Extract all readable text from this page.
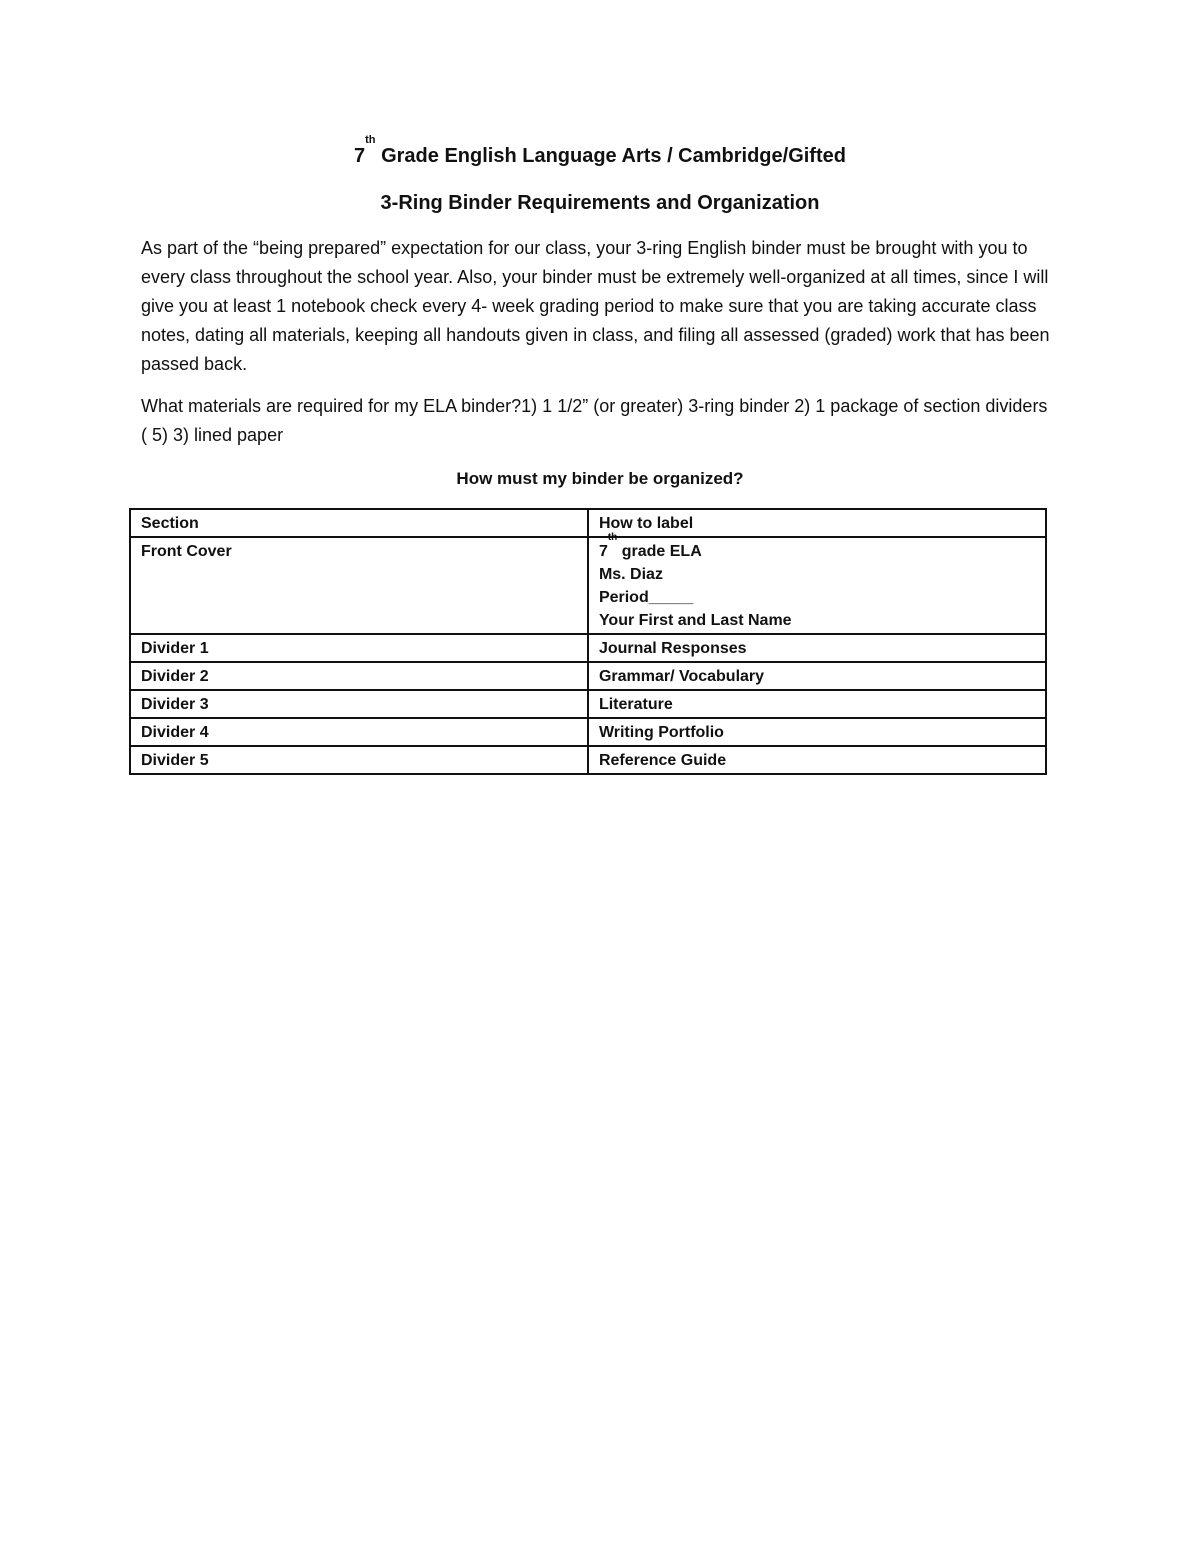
7th Grade English Language Arts / Cambridge/Gifted
3-Ring Binder Requirements and Organization
As part of the “being prepared” expectation for our class, your 3-ring English binder must be brought with you to every class throughout the school year. Also, your binder must be extremely well-organized at all times, since I will give you at least 1 notebook check every 4- week grading period to make sure that you are taking accurate class notes, dating all materials, keeping all handouts given in class, and filing all assessed (graded) work that has been passed back.
What materials are required for my ELA binder?1) 1 1/2” (or greater) 3-ring binder 2) 1 package of section dividers ( 5) 3) lined paper
How must my binder be organized?
Section	How to label
Front Cover	7th grade ELA
Ms. Diaz
Period_____
Your First and Last Name

Divider 1	Journal Responses
Divider 2	Grammar/ Vocabulary
Divider 3	Literature
Divider 4	Writing Portfolio
Divider 5	Reference Guide
